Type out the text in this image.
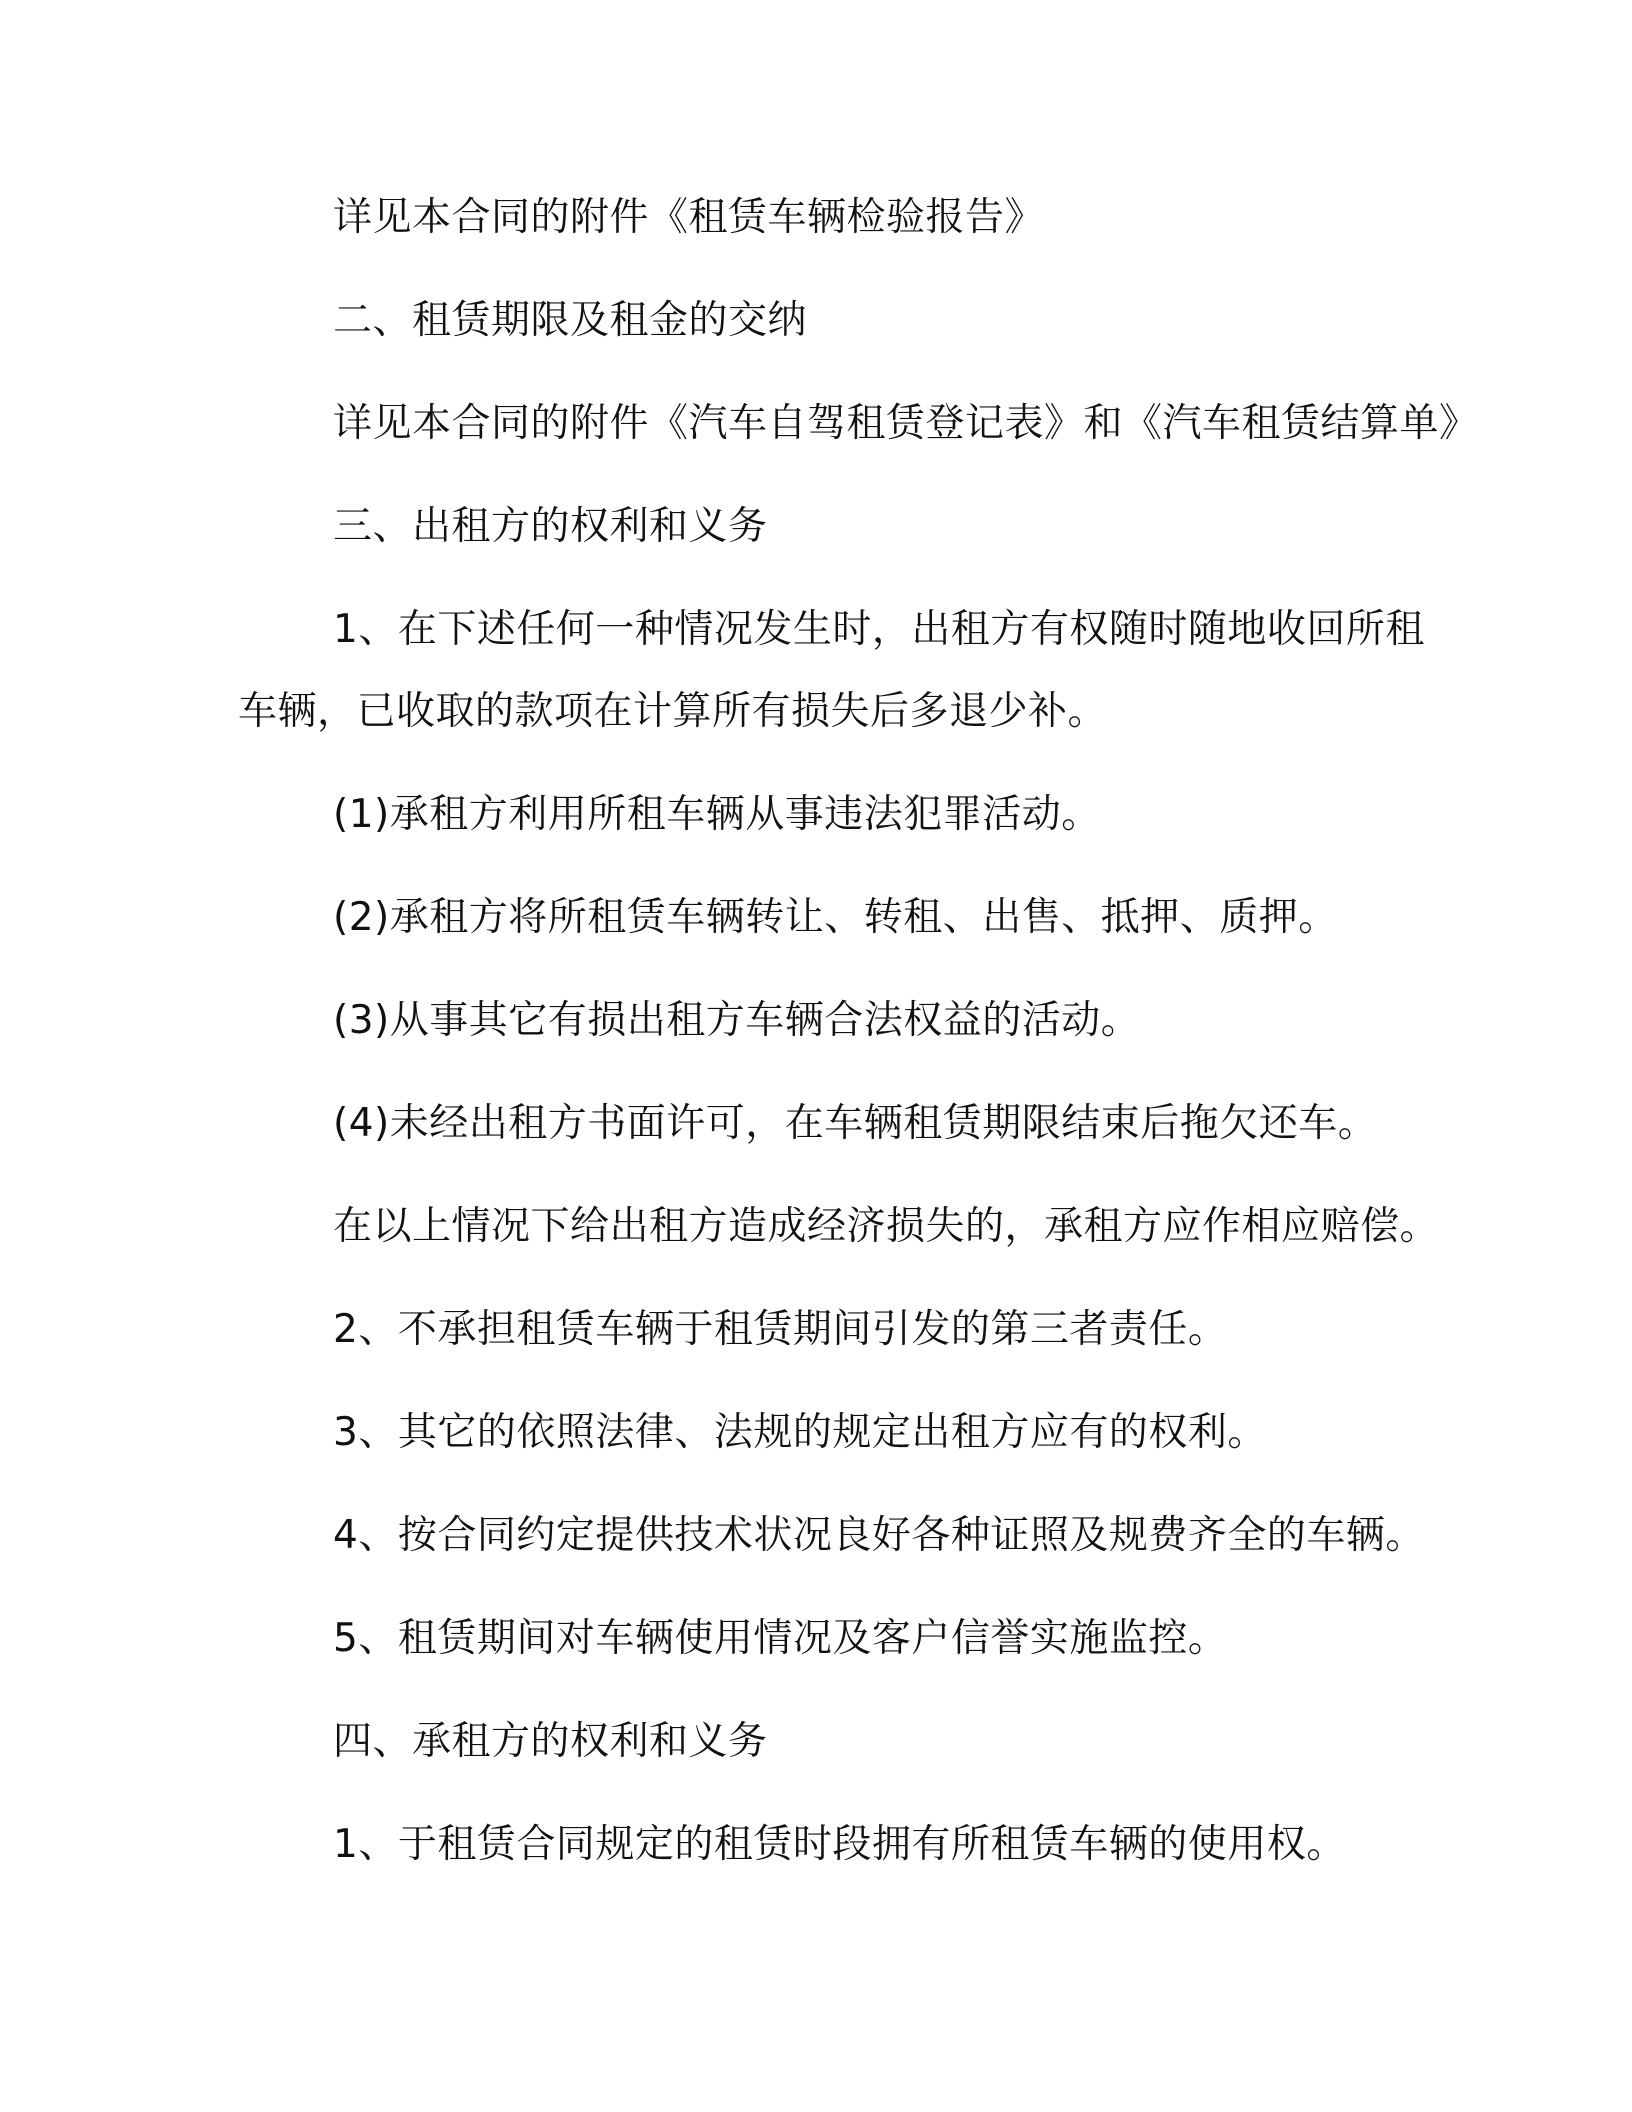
详见本合同的附件《租赁车辆检验报告》
二、租赁期限及租金的交纳
详见本合同的附件《汽车自驾租赁登记表》和《汽车租赁结算单》
三、出租方的权利和义务
1、在下述任何一种情况发生时，出租方有权随时随地收回所租
车辆，已收取的款项在计算所有损失后多退少补。
(1)承租方利用所租车辆从事违法犯罪活动。
(2)承租方将所租赁车辆转让、转租、出售、抵押、质押。
(3)从事其它有损出租方车辆合法权益的活动。
(4)未经出租方书面许可，在车辆租赁期限结束后拖欠还车。
在以上情况下给出租方造成经济损失的，承租方应作相应赔偿。
2、不承担租赁车辆于租赁期间引发的第三者责任。
3、其它的依照法律、法规的规定出租方应有的权利。
4、按合同约定提供技术状况良好各种证照及规费齐全的车辆。
5、租赁期间对车辆使用情况及客户信誉实施监控。
四、承租方的权利和义务
1、于租赁合同规定的租赁时段拥有所租赁车辆的使用权。
